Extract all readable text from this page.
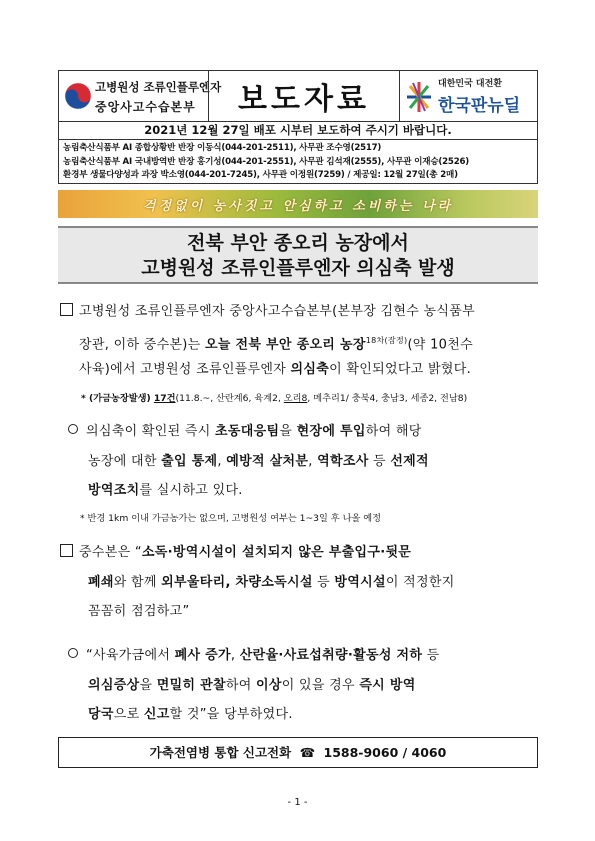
고병원성 조류인플루엔자
중앙사고수습본부 보도자료	대한민국 대전환
한국판뉴딜
2021년 12월 27일 배포 시부터 보도하여 주시기 바랍니다.
농림축산식품부 AI 종합상황반 반장 이동식(044-201-2511), 사무관 조수영(2517)
농림축산식품부 AI 국내방역반 반장 홍기성(044-201-2551), 사무관 김석재(2555), 사무관 이재승(2526)
환경부 생물다양성과 과장 박소영(044-201-7245), 사무관 이정원(7259) / 제공일: 12월 27일(총 2매)
걱정없이 농사짓고 안심하고 소비하는 나라
전북 부안 종오리 농장에서
고병원성 조류인플루엔자 의심축 발생
고병원성 조류인플루엔자 중앙사고수습본부(본부장 김현수 농식품부
장관, 이하 중수본)는 오늘 전북 부안 종오리 농장$^{18차(잠정)}$(약 10천수
사육)에서 고병원성 조류인플루엔자 의심축이 확인되었다고 밝혔다.
* (가금농장발생) 17건(11.8.~, 산란계6, 육계2, 오리8, 메추리1/ 충북4, 충남3, 세종2, 전남8)
의심축이 확인된 즉시 초동대응팀을 현장에 투입하여 해당
농장에 대한 출입 통제, 예방적 살처분, 역학조사 등 선제적
방역조치를 실시하고 있다.
* 반경 1km 이내 가금농가는 없으며, 고병원성 여부는 1~3일 후 나올 예정
중수본은 “소독·방역시설이 설치되지 않은 부출입구·뒷문
폐쇄와 함께 외부울타리, 차량소독시설 등 방역시설이 적정한지
꼼꼼히 점검하고”
“사육가금에서 폐사 증가, 산란율·사료섭취량·활동성 저하 등
의심증상을 면밀히 관찰하여 이상이 있을 경우 즉시 방역
당국으로 신고할 것”을 당부하였다.
가축전염병 통합 신고전화 ☎ 1588-9060 / 4060
- 1 -
